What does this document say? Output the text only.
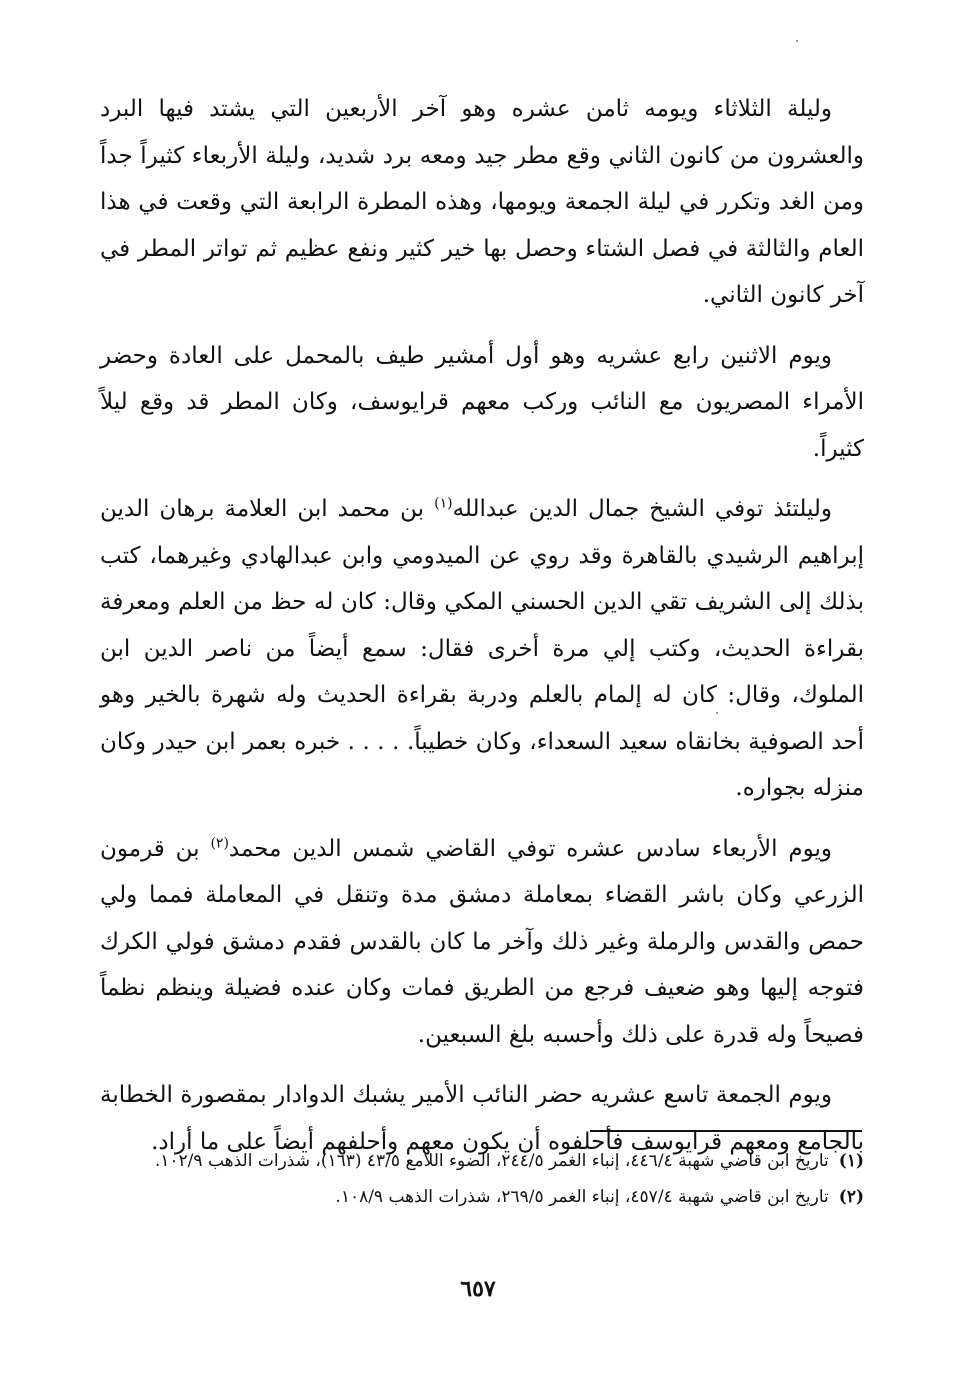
وليلة الثلاثاء ويومه ثامن عشره وهو آخر الأربعين التي يشتد فيها البرد والعشرون من كانون الثاني وقع مطر جيد ومعه برد شديد، وليلة الأربعاء كثيراً جداً ومن الغد وتكرر في ليلة الجمعة ويومها، وهذه المطرة الرابعة التي وقعت في هذا العام والثالثة في فصل الشتاء وحصل بها خير كثير ونفع عظيم ثم تواتر المطر في آخر كانون الثاني.

ويوم الاثنين رابع عشريه وهو أول أمشير طيف بالمحمل على العادة وحضر الأمراء المصريون مع النائب وركب معهم قرايوسف، وكان المطر قد وقع ليلاً كثيراً.

وليلتئذ توفي الشيخ جمال الدين عبدالله$^{(١)}$ بن محمد ابن العلامة برهان الدين إبراهيم الرشيدي بالقاهرة وقد روي عن الميدومي وابن عبدالهادي وغيرهما، كتب بذلك إلى الشريف تقي الدين الحسني المكي وقال: كان له حظ من العلم ومعرفة بقراءة الحديث، وكتب إلي مرة أخرى فقال: سمع أيضاً من ناصر الدين ابن الملوك، وقال: كان له إلمام بالعلم ودربة بقراءة الحديث وله شهرة بالخير وهو أحد الصوفية بخانقاه سعيد السعداء، وكان خطيباً. . . . . خبره بعمر ابن حيدر وكان منزله بجواره.

ويوم الأربعاء سادس عشره توفي القاضي شمس الدين محمد$^{(٢)}$ بن قرمون الزرعي وكان باشر القضاء بمعاملة دمشق مدة وتنقل في المعاملة فمما ولي حمص والقدس والرملة وغير ذلك وآخر ما كان بالقدس فقدم دمشق فولي الكرك فتوجه إليها وهو ضعيف فرجع من الطريق فمات وكان عنده فضيلة وينظم نظماً فصيحاً وله قدرة على ذلك وأحسبه بلغ السبعين.

ويوم الجمعة تاسع عشريه حضر النائب الأمير يشبك الدوادار بمقصورة الخطابة بالجامع ومعهم قرايوسف فأحلفوه أن يكون معهم وأحلفهم أيضاً على ما أراد.

(١)
تاريخ ابن قاضي شهبة ٤٤٦/٤، إنباء الغمر ٢٤٤/٥، الضوء اللامع ٤٣/٥ (١٦٣)، شذرات الذهب ١٠٢/٩.
(٢)
تاريخ ابن قاضي شهبة ٤٥٧/٤، إنباء الغمر ٢٦٩/٥، شذرات الذهب ١٠٨/٩.
٦٥٧
